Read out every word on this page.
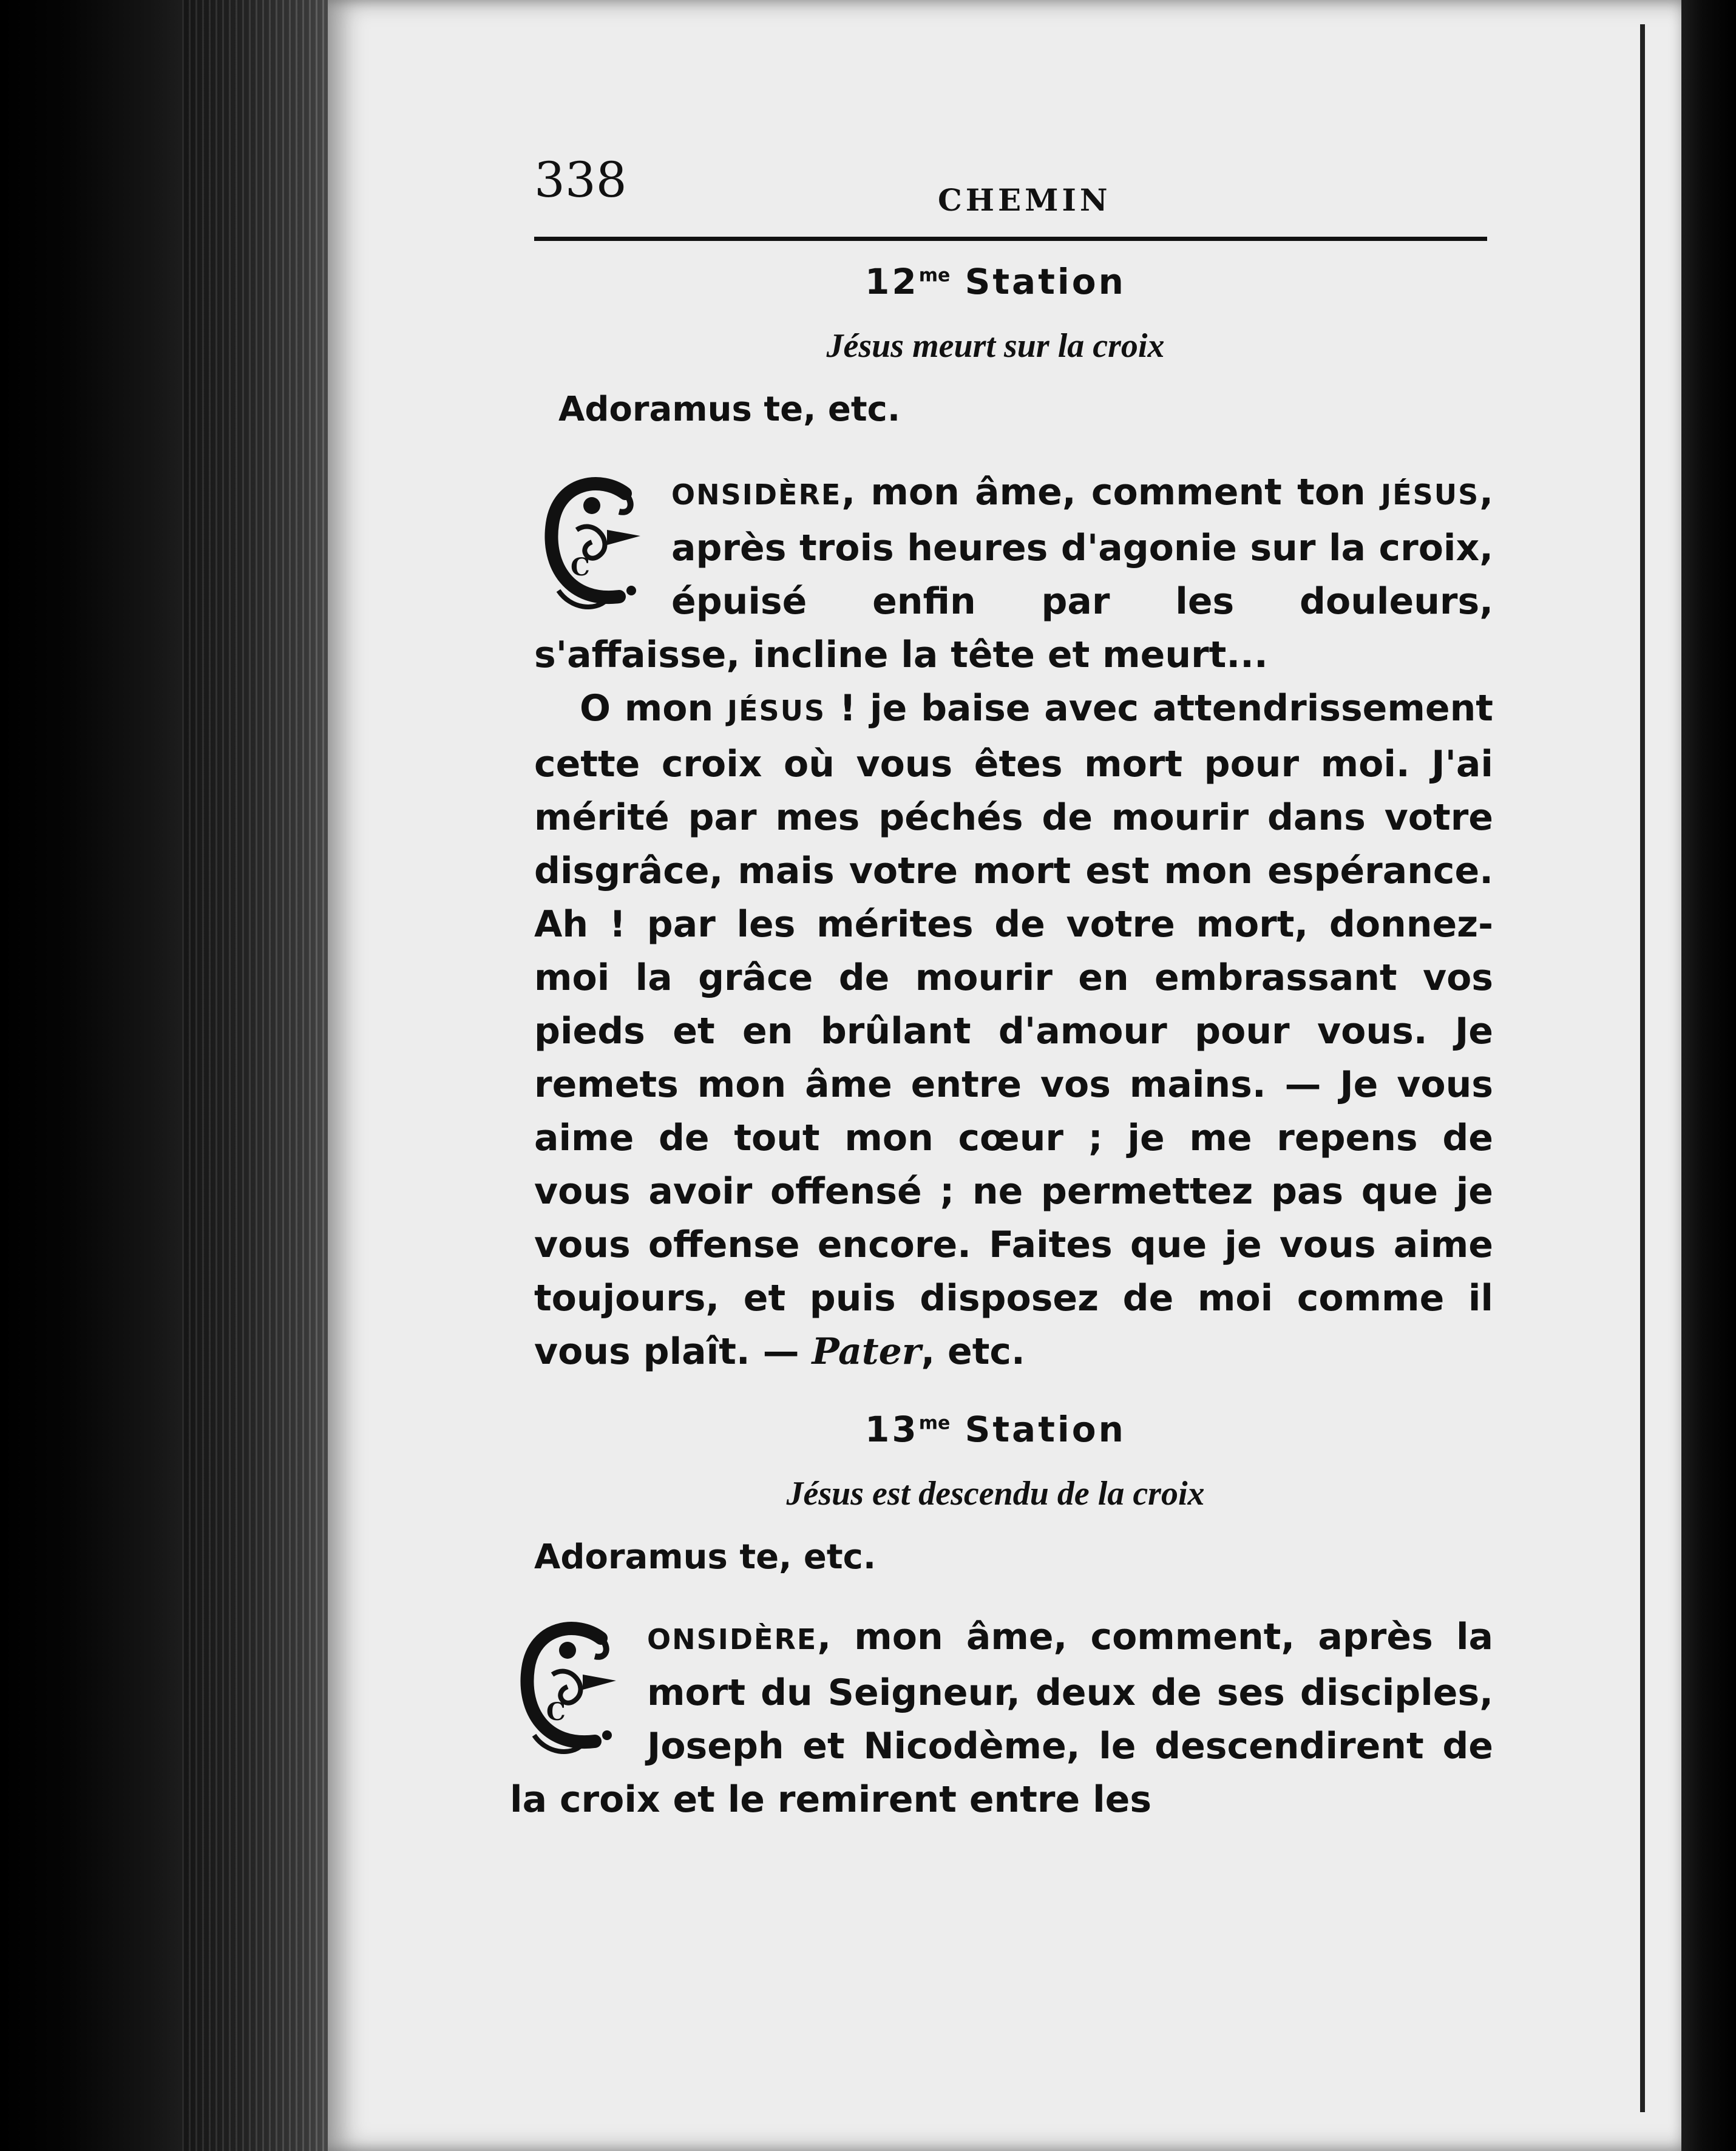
338	CHEMIN
$12^{me}$ Station

Jésus meurt sur la croix

Adoramus te, etc.

C

ONSIDÈRE, mon âme, comment ton JÉSUS, après trois heures d'agonie sur la croix, épuisé enfin par les douleurs, s'affaisse, incline la tête et meurt...

O mon JÉSUS ! je baise avec attendrissement cette croix où vous êtes mort pour moi. J'ai mérité par mes péchés de mourir dans votre disgrâce, mais votre mort est mon espérance. Ah ! par les mérites de votre mort, donnez-moi la grâce de mourir en embrassant vos pieds et en brûlant d'amour pour vous. Je remets mon âme entre vos mains. — Je vous aime de tout mon cœur ; je me repens de vous avoir offensé ; ne permettez pas que je vous offense encore. Faites que je vous aime toujours, et puis disposez de moi comme il vous plaît. — Pater, etc.

$13^{me}$ Station

Jésus est descendu de la croix

Adoramus te, etc.

C

ONSIDÈRE, mon âme, comment, après la mort du Seigneur, deux de ses disciples, Joseph et Nicodème, le descendirent de la croix et le remirent entre les
